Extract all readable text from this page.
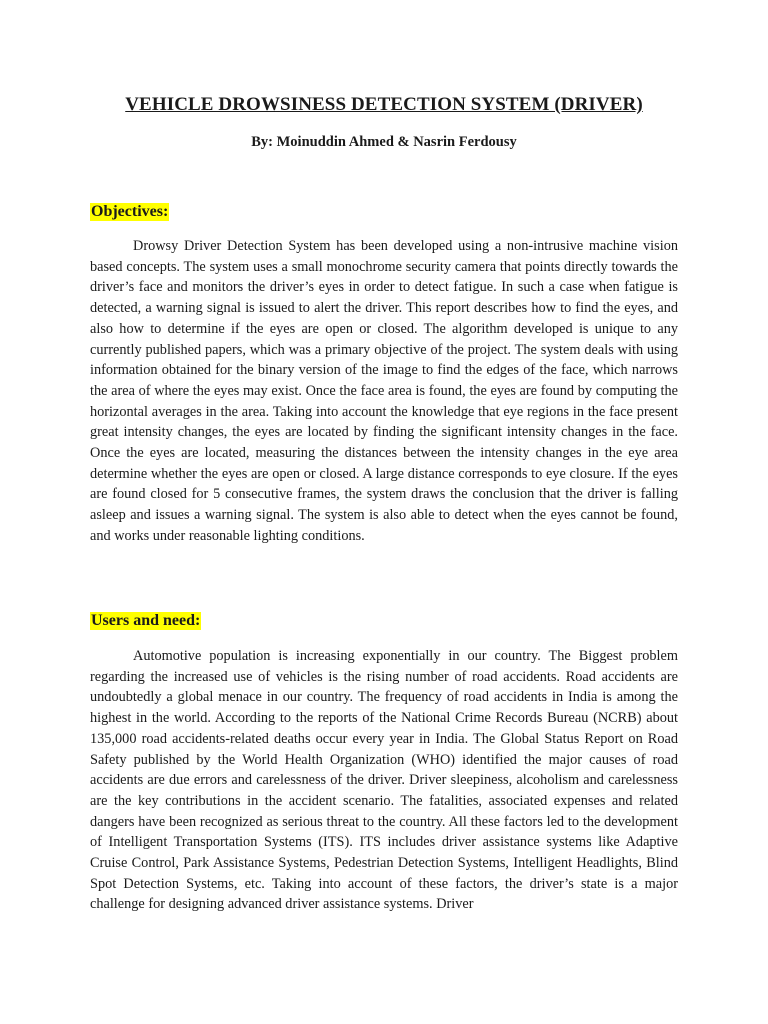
VEHICLE DROWSINESS DETECTION SYSTEM (DRIVER)

By: Moinuddin Ahmed & Nasrin Ferdousy

Objectives:

Drowsy Driver Detection System has been developed using a non-intrusive machine vision based concepts. The system uses a small monochrome security camera that points directly towards the driver’s face and monitors the driver’s eyes in order to detect fatigue. In such a case when fatigue is detected, a warning signal is issued to alert the driver. This report describes how to find the eyes, and also how to determine if the eyes are open or closed. The algorithm developed is unique to any currently published papers, which was a primary objective of the project. The system deals with using information obtained for the binary version of the image to find the edges of the face, which narrows the area of where the eyes may exist. Once the face area is found, the eyes are found by computing the horizontal averages in the area. Taking into account the knowledge that eye regions in the face present great intensity changes, the eyes are located by finding the significant intensity changes in the face. Once the eyes are located, measuring the distances between the intensity changes in the eye area determine whether the eyes are open or closed. A large distance corresponds to eye closure. If the eyes are found closed for 5 consecutive frames, the system draws the conclusion that the driver is falling asleep and issues a warning signal. The system is also able to detect when the eyes cannot be found, and works under reasonable lighting conditions.

Users and need:

Automotive population is increasing exponentially in our country. The Biggest problem regarding the increased use of vehicles is the rising number of road accidents. Road accidents are undoubtedly a global menace in our country. The frequency of road accidents in India is among the highest in the world. According to the reports of the National Crime Records Bureau (NCRB) about 135,000 road accidents-related deaths occur every year in India. The Global Status Report on Road Safety published by the World Health Organization (WHO) identified the major causes of road accidents are due errors and carelessness of the driver. Driver sleepiness, alcoholism and carelessness are the key contributions in the accident scenario. The fatalities, associated expenses and related dangers have been recognized as serious threat to the country. All these factors led to the development of Intelligent Transportation Systems (ITS). ITS includes driver assistance systems like Adaptive Cruise Control, Park Assistance Systems, Pedestrian Detection Systems, Intelligent Headlights, Blind Spot Detection Systems, etc. Taking into account of these factors, the driver’s state is a major challenge for designing advanced driver assistance systems. Driver
